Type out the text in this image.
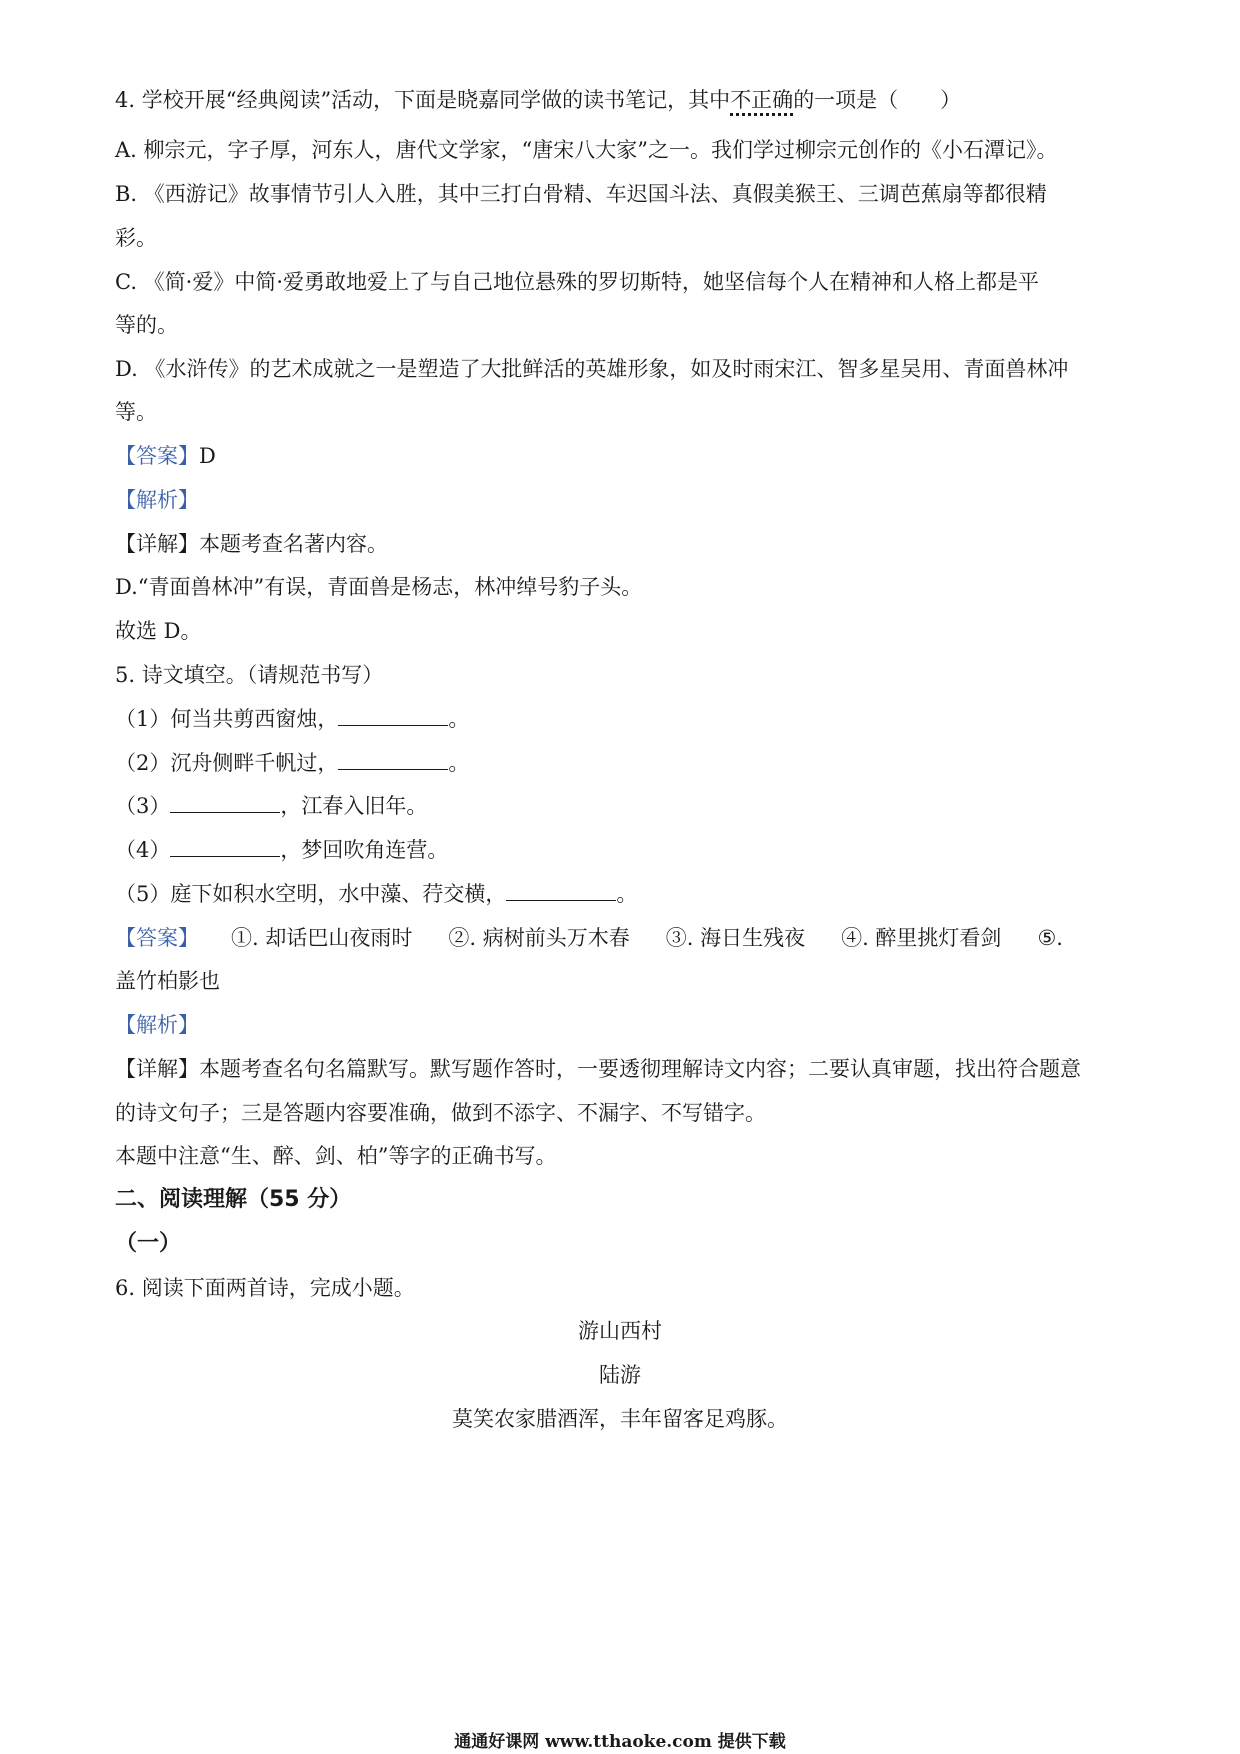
4. 学校开展“经典阅读”活动，下面是晓嘉同学做的读书笔记，其中不正确的一项是（　　）
A. 柳宗元，字子厚，河东人，唐代文学家，“唐宋八大家”之一。我们学过柳宗元创作的《小石潭记》。
B. 《西游记》故事情节引人入胜，其中三打白骨精、车迟国斗法、真假美猴王、三调芭蕉扇等都很精
彩。
C. 《简·爱》中简·爱勇敢地爱上了与自己地位悬殊的罗切斯特，她坚信每个人在精神和人格上都是平
等的。
D. 《水浒传》的艺术成就之一是塑造了大批鲜活的英雄形象，如及时雨宋江、智多星吴用、青面兽林冲
等。
【答案】D
【解析】
【详解】本题考查名著内容。
D.“青面兽林冲”有误，青面兽是杨志，林冲绰号豹子头。
故选 D。
5. 诗文填空。（请规范书写）
（1）何当共剪西窗烛，	。
（2）沉舟侧畔千帆过，	。
（3）	，江春入旧年。
（4）	，梦回吹角连营。
（5）庭下如积水空明，水中藻、荇交横，	。
【答案】 ①. 却话巴山夜雨时 ②. 病树前头万木春 ③. 海日生残夜 ④. 醉里挑灯看剑 ⑤.
盖竹柏影也
【解析】
【详解】本题考查名句名篇默写。默写题作答时，一要透彻理解诗文内容；二要认真审题，找出符合题意
的诗文句子；三是答题内容要准确，做到不添字、不漏字、不写错字。
本题中注意“生、醉、剑、柏”等字的正确书写。
二、阅读理解（55 分）
（一）
6. 阅读下面两首诗，完成小题。
游山西村
陆游
莫笑农家腊酒浑，丰年留客足鸡豚。
通通好课网 www.tthaoke.com 提供下载
